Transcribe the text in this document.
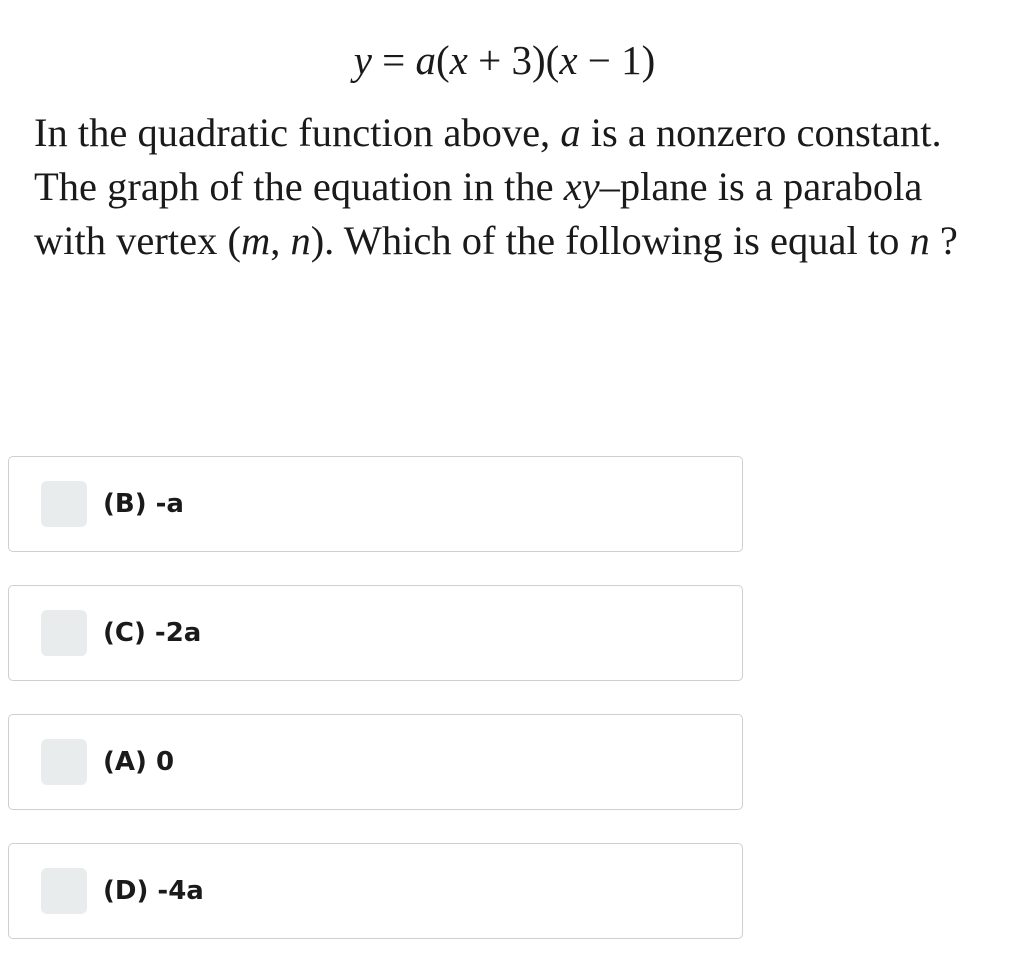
y = a(x + 3)(x − 1)
In the quadratic function above, a is a nonzero constant. The graph of the equation in the xy–plane is a parabola with vertex (m, n). Which of the following is equal to n ?
(B) -a
(C) -2a
(A) 0
(D) -4a
